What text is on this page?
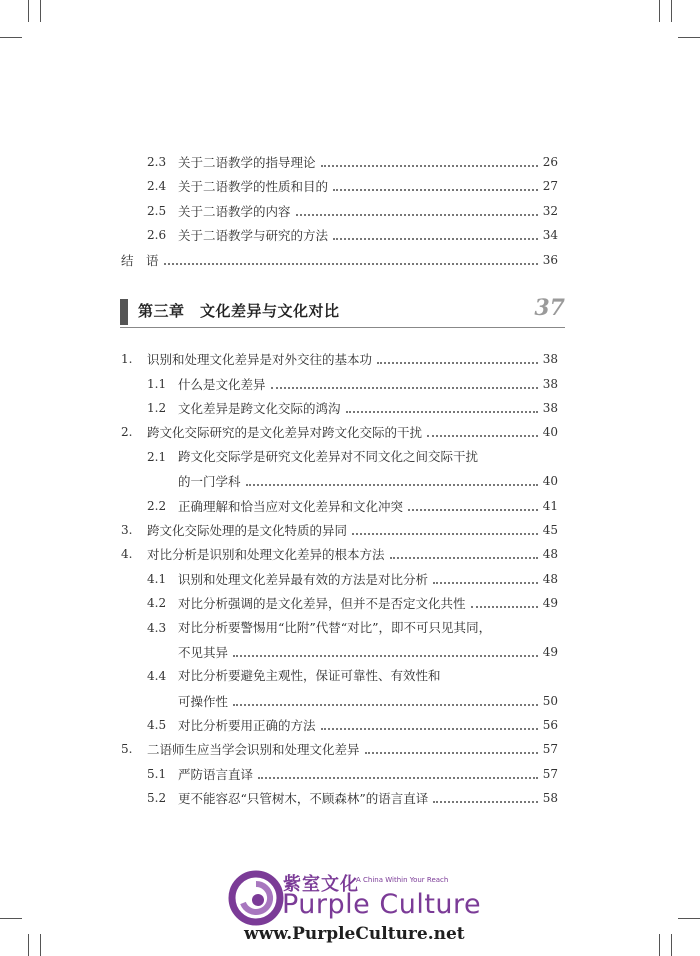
2.3 关于二语教学的指导理论	26
2.4 关于二语教学的性质和目的	27
2.5 关于二语教学的内容	32
2.6 关于二语教学与研究的方法	34
结　语	36
第三章　文化差异与文化对比	37
1. 识别和处理文化差异是对外交往的基本功	38
1.1 什么是文化差异	38
1.2 文化差异是跨文化交际的鸿沟	38
2. 跨文化交际研究的是文化差异对跨文化交际的干扰	40
2.1 跨文化交际学是研究文化差异对不同文化之间交际干扰
的一门学科	40
2.2 正确理解和恰当应对文化差异和文化冲突	41
3. 跨文化交际处理的是文化特质的异同	45
4. 对比分析是识别和处理文化差异的根本方法	48
4.1 识别和处理文化差异最有效的方法是对比分析	48
4.2 对比分析强调的是文化差异，但并不是否定文化共性	49
4.3 对比分析要警惕用“比附”代替“对比”，即不可只见其同，
不见其异	49
4.4 对比分析要避免主观性，保证可靠性、有效性和
可操作性	50
4.5 对比分析要用正确的方法	56
5. 二语师生应当学会识别和处理文化差异	57
5.1 严防语言直译	57
5.2 更不能容忍“只管树木，不顾森林”的语言直译	58
紫室文化
A China Within Your Reach
Purple Culture
www.PurpleCulture.net
